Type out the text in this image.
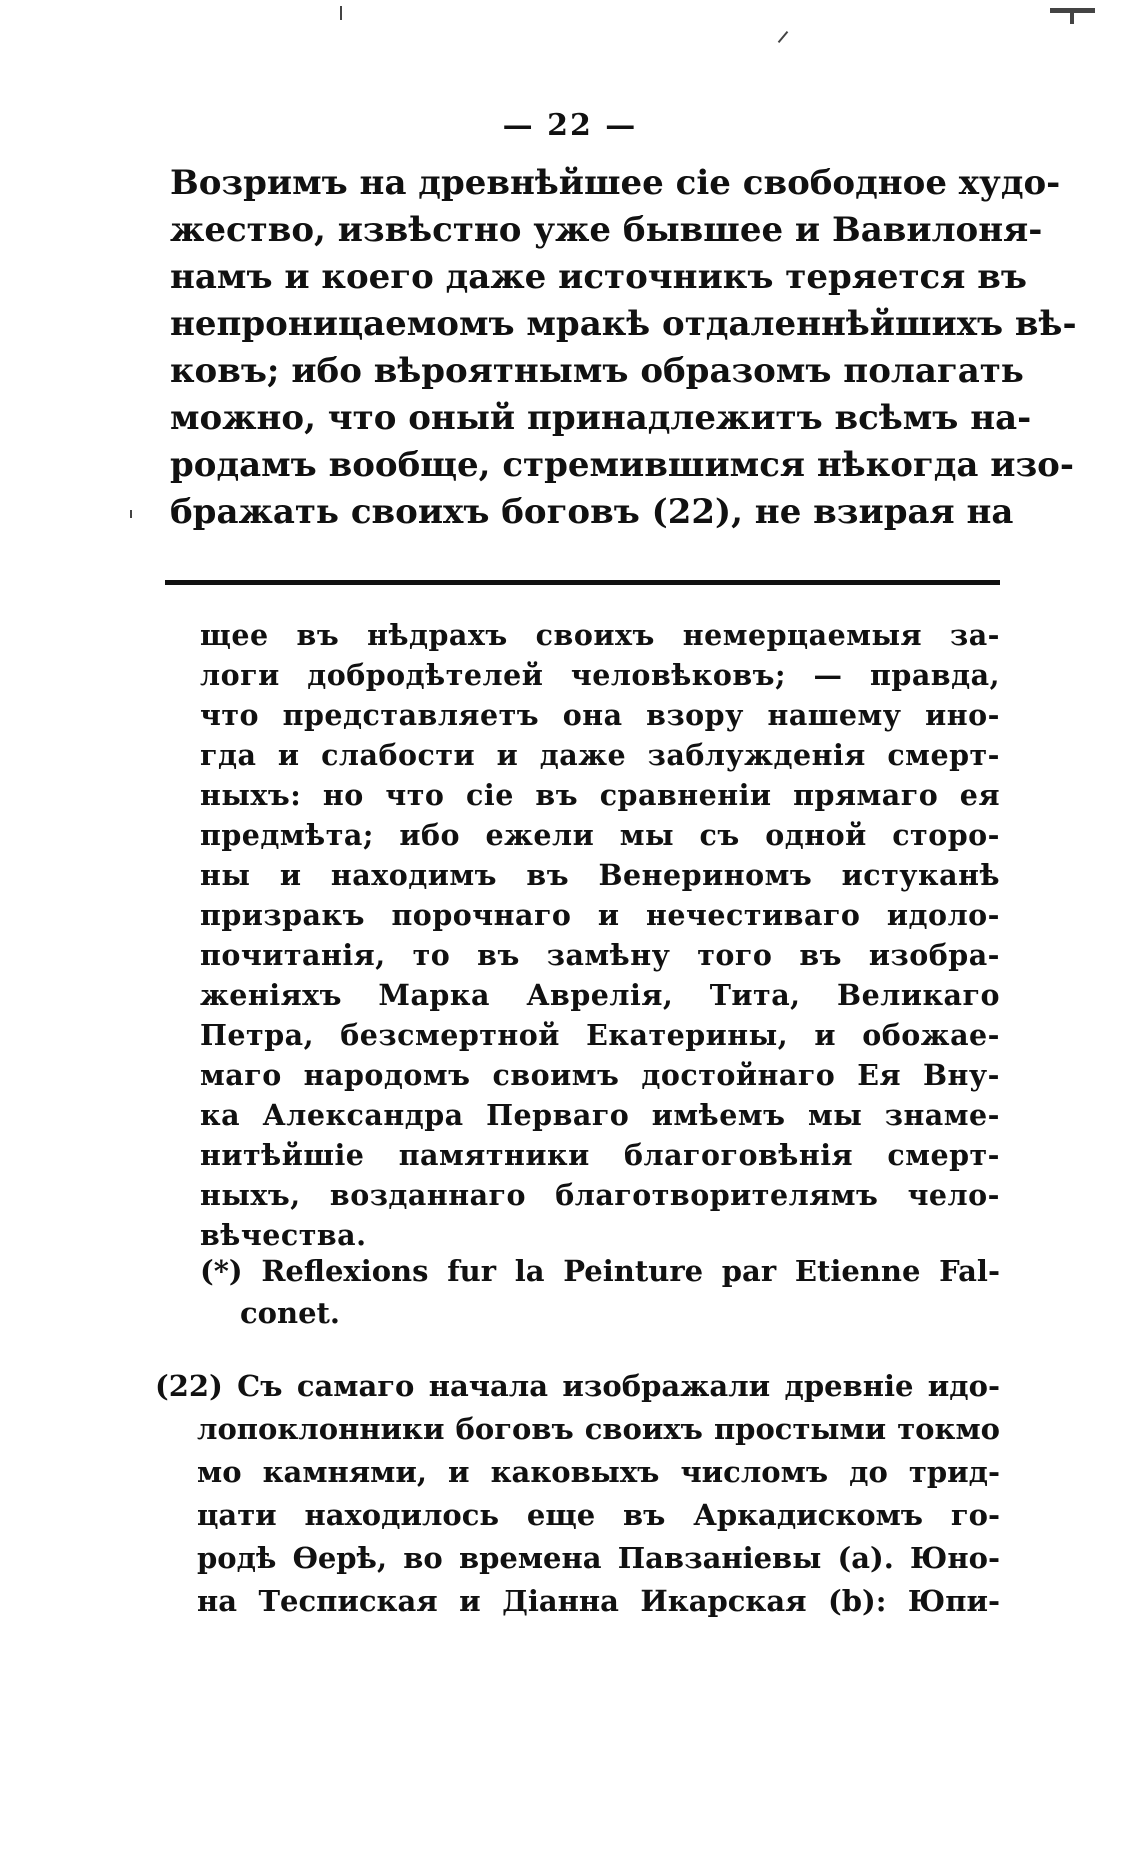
— 22 —
Возримъ на древнѣйшее сіе свободное худо-
жество, извѣстно уже бывшее и Вавилоня-
намъ и коего даже источникъ теряется въ
непроницаемомъ мракѣ отдаленнѣйшихъ вѣ-
ковъ; ибо вѣроятнымъ образомъ полагать
можно, что оный принадлежитъ всѣмъ на-
родамъ вообще, стремившимся нѣкогда изо-
бражать своихъ боговъ (22), не взирая на
щее въ нѣдрахъ своихъ немерцаемыя за-
логи добродѣтелей человѣковъ; — правда,
что представляетъ она взору нашему ино-
гда и слабости и даже заблужденія смерт-
ныхъ: но что сіе въ сравненіи прямаго ея
предмѣта; ибо ежели мы съ одной сторо-
ны и находимъ въ Венериномъ истуканѣ
призракъ порочнаго и нечестиваго идоло-
почитанія, то въ замѣну того въ изобра-
женіяхъ Марка Аврелія, Тита, Великаго
Петра, безсмертной Екатерины, и обожае-
маго народомъ своимъ достойнаго Ея Вну-
ка Александра Перваго имѣемъ мы знаме-
нитѣйшіе памятники благоговѣнія смерт-
ныхъ, возданнаго благотворителямъ чело-
вѣчества.
(*) Reflexions fur la Peinture par Etienne Fal-
conet.
(22) Съ самаго начала изображали древніе идо-
лопоклонники боговъ своихъ простыми токмо
мо камнями, и каковыхъ числомъ до трид-
цати находилось еще въ Аркадискомъ го-
родѣ Өерѣ, во времена Павзаніевы (а). Юно-
на Теспиская и Діанна Икарская (b): Юпи-
